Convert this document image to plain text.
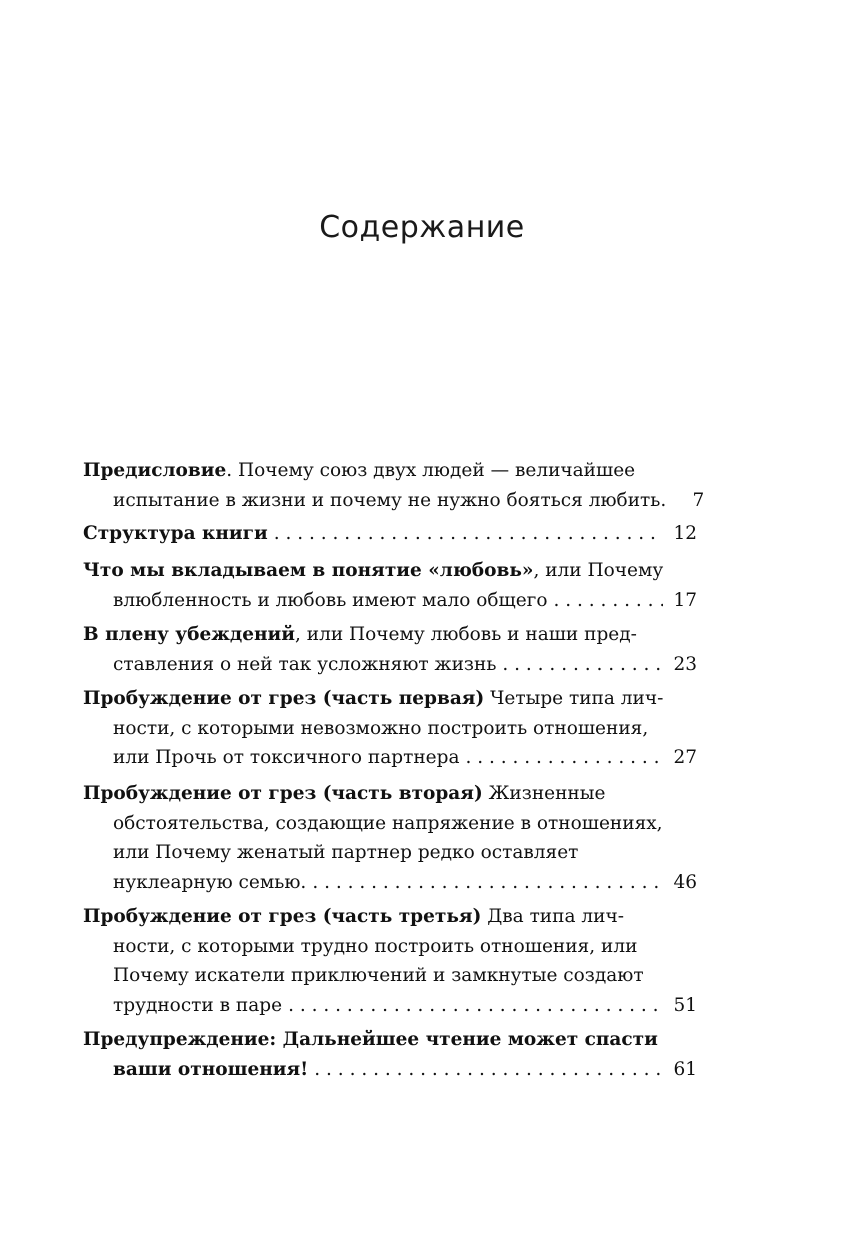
Содержание
Предисловие. Почему союз двух людей — величайшее
испытание в жизни и почему не нужно бояться любить.	7
Структура книги . . .	12
Что мы вкладываем в понятие «любовь», или Почему
влюбленность и любовь имеют мало общего . . .	17
В плену убеждений, или Почему любовь и наши пред-
ставления о ней так усложняют жизнь . . .	23
Пробуждение от грез (часть первая) Четыре типа лич-
ности, с которыми невозможно построить отношения,
или Прочь от токсичного партнера . . .	27
Пробуждение от грез (часть вторая) Жизненные
обстоятельства, создающие напряжение в отношениях,
или Почему женатый партнер редко оставляет
нуклеарную семью. . . .	46
Пробуждение от грез (часть третья) Два типа лич-
ности, с которыми трудно построить отношения, или
Почему искатели приключений и замкнутые создают
трудности в паре . . .	51
Предупреждение: Дальнейшее чтение может спасти
ваши отношения! . . .	61
